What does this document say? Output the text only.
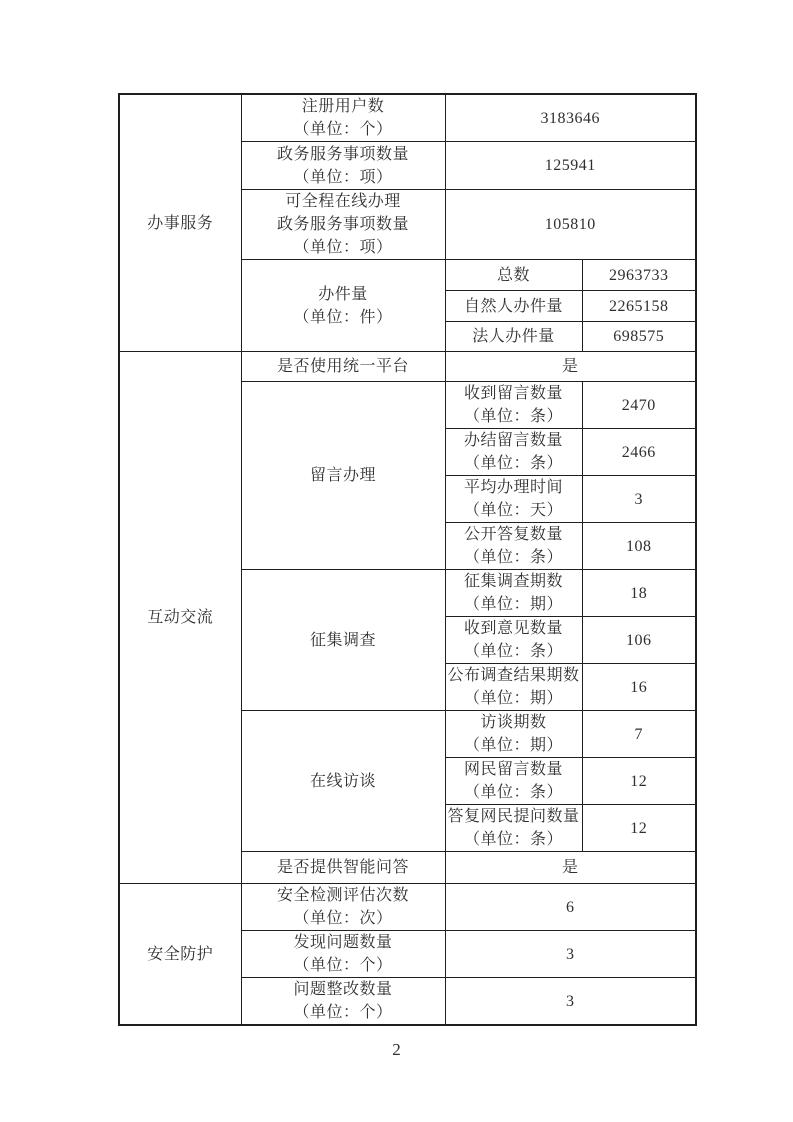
办事服务	注册用户数
（单位：个）	3183646	

	政务服务事项数量
（单位：项）	125941	

	可全程在线办理
政务服务事项数量
（单位：项）	105810	

	办件量
（单位：件）	总数	2963733

		自然人办件量	2265158

		法人办件量	698575

互动交流	是否使用统一平台	是	

	留言办理	收到留言数量
（单位：条）	2470

		办结留言数量
（单位：条）	2466

		平均办理时间
（单位：天）	3

		公开答复数量
（单位：条）	108

	征集调查	征集调查期数
（单位：期）	18

		收到意见数量
（单位：条）	106

		公布调查结果期数
（单位：期）	16

	在线访谈	访谈期数
（单位：期）	7

		网民留言数量
（单位：条）	12

		答复网民提问数量
（单位：条）	12

	是否提供智能问答	是	

安全防护	安全检测评估次数
（单位：次）	6	

	发现问题数量
（单位：个）	3	

	问题整改数量
（单位：个）	3	
2
